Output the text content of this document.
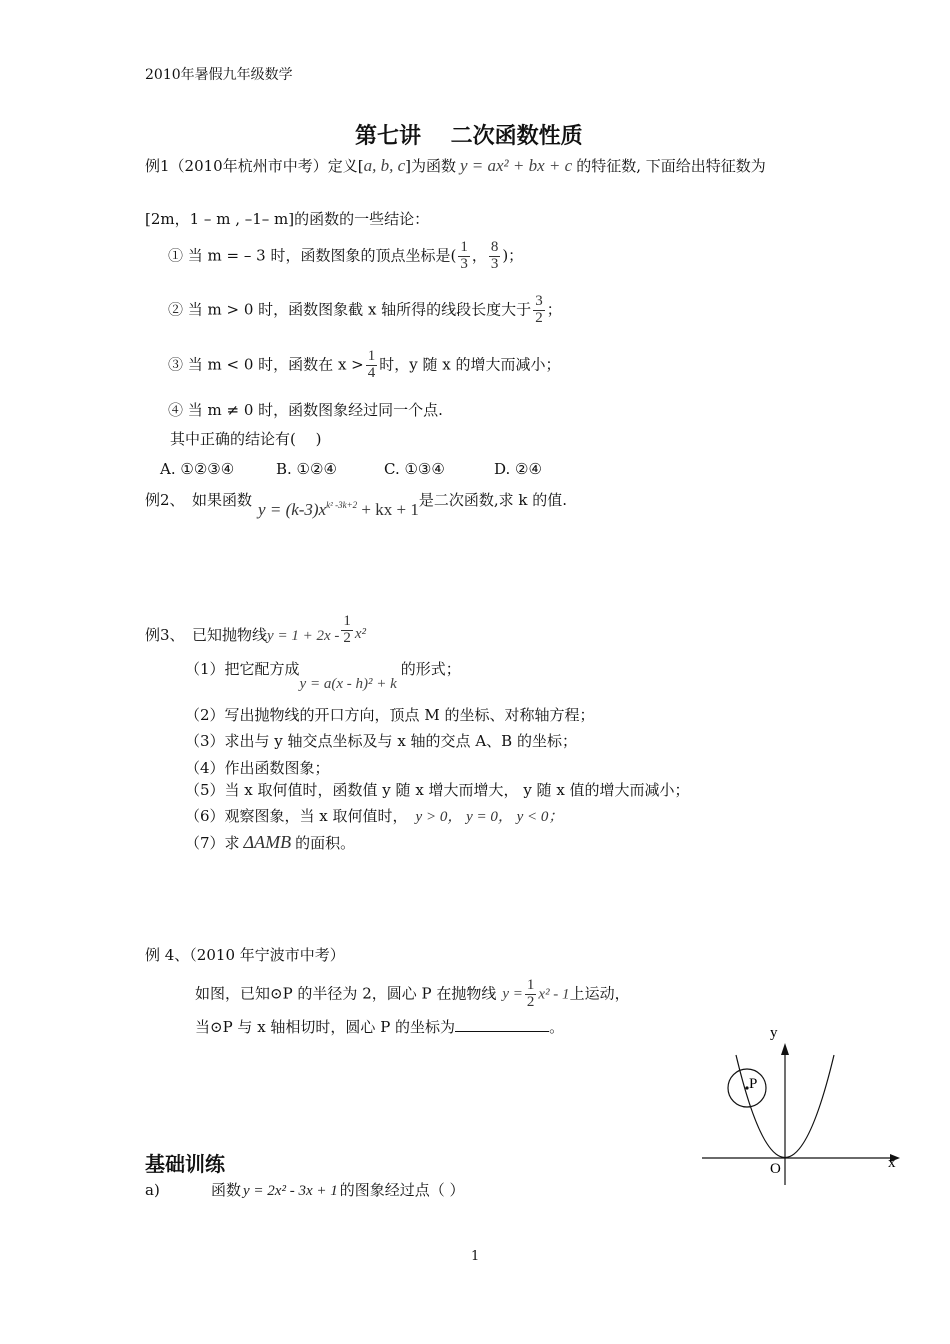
2010年暑假九年级数学
第七讲　 二次函数性质
例1（2010年杭州市中考）定义[a, b, c]为函数 y = ax² + bx + c 的特征数, 下面给出特征数为
[2m，1 – m , –1– m]的函数的一些结论：
① 当 m = – 3 时，函数图象的顶点坐标是( $\frac{1}{3}$ ， $\frac{8}{3}$ )；
② 当 m > 0 时，函数图象截 x 轴所得的线段长度大于 $\frac{3}{2}$ ；
③ 当 m < 0 时，函数在 $x > \frac{1}{4}$ 时，y 随 x 的增大而减小；
④ 当 m ≠ 0 时，函数图象经过同一个点.
其中正确的结论有(　 )
A. ①②③④	B. ①②④	C. ①③④	D. ②④
例2、　如果函数 $y = (k-3)x^{k^2 -3k+2}$ + kx + 1是二次函数,求 k 的值.
例3、　已知抛物线$y = 1 + 2x - \frac{1}{2} x^2$
（1）把它配方成y = a(x - h)² + k的形式；
（2）写出抛物线的开口方向，顶点 M 的坐标、对称轴方程；
（3）求出与 y 轴交点坐标及与 x 轴的交点 A、B 的坐标；
（4）作出函数图象；
（5）当 x 取何值时，函数值 y 随 x 增大而增大， y 随 x 值的增大而减小；
（6）观察图象，当 x 取何值时， y > 0， y = 0， y < 0；
（7）求 ΔAMB 的面积。
例 4、（2010 年宁波市中考）
如图，已知⊙P 的半径为 2，圆心 P 在抛物线 $y = \frac{1}{2} x^2 - 1$上运动，
当⊙P 与 x 轴相切时，圆心 P 的坐标为	。	y
x
O
P
基础训练
a)	函数 y = 2x² - 3x + 1 的图象经过点（ ）
1
